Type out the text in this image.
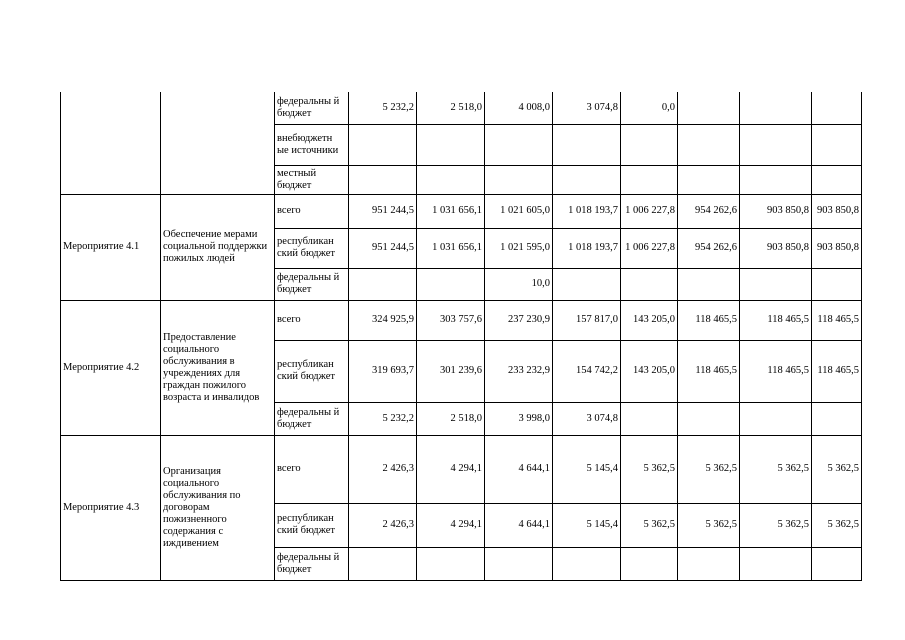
		федеральны й бюджет	5 232,2	2 518,0	4 008,0	3 074,8	0,0			
		внебюджетн ые источники								
		местный бюджет								
Мероприятие 4.1	Обеспечение мерами социальной поддержки пожилых людей	всего	951 244,5	1 031 656,1	1 021 605,0	1 018 193,7	1 006 227,8	954 262,6	903 850,8	903 850,8
		республикан ский бюджет	951 244,5	1 031 656,1	1 021 595,0	1 018 193,7	1 006 227,8	954 262,6	903 850,8	903 850,8
		федеральны й бюджет			10,0					
Мероприятие 4.2	Предоставление социального обслуживания в учреждениях для граждан пожилого возраста и инвалидов	всего	324 925,9	303 757,6	237 230,9	157 817,0	143 205,0	118 465,5	118 465,5	118 465,5
		республикан ский бюджет	319 693,7	301 239,6	233 232,9	154 742,2	143 205,0	118 465,5	118 465,5	118 465,5
		федеральны й бюджет	5 232,2	2 518,0	3 998,0	3 074,8				
Мероприятие 4.3	Организация социального обслуживания по договорам пожизненного содержания с иждивением	всего	2 426,3	4 294,1	4 644,1	5 145,4	5 362,5	5 362,5	5 362,5	5 362,5
		республикан ский бюджет	2 426,3	4 294,1	4 644,1	5 145,4	5 362,5	5 362,5	5 362,5	5 362,5
		федеральны й бюджет								
